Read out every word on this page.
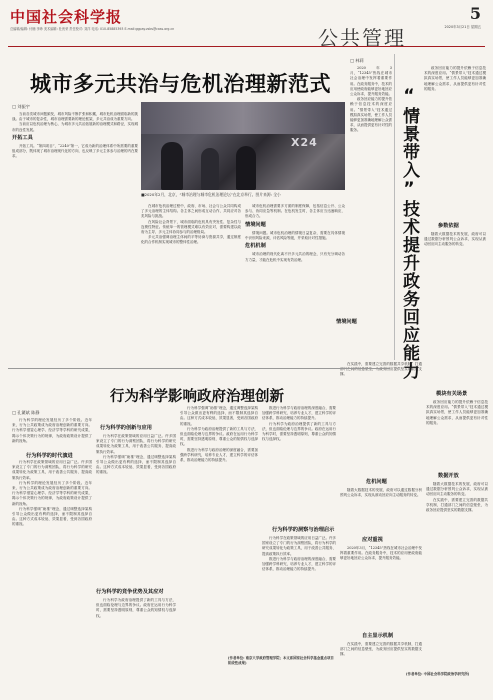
中国社会科学报
总编辑/编辑: 付楠 李珍 美术编辑: 杜贵荣 责任校对: 刘洋 电话: 010-85885393 E-mail:ggpay.zsbs@cass.org.cn	公共管理
5
2020年3月21日 星期五
城市多元共治与危机治理新范式
□ 刘振宇

当前各类城市问题频发，城市风险不断扩张和积累，城市危机治理面临新的挑战。由于城市的复杂性，城市治理需要新的理论框架，多元共治成为重要方向。

当前应以危机治理为核心，为城市多元共治拓展新的治理模式和路径，实现城市的良性发展。

开拓工具

开拓工具。“第四项目”，“2240”第一，它成为新的治理体系中所需要的重要组成部分，既体现了城市治理现代化的方向，也反映了多元主体参与治理的内在要求。

X24
■2020年2月，北京，“城市治理与城市危机治理论坛”在北京举行。图片来源: 全小

在城市危机治理过程中，政府、市场、社会与公众共同构成了多元治理的主体结构。各主体之间形成互动合作，共同应对各类风险与挑战。

在风险社会背景下，城市面临的危机具有突发性、复杂性与连锁性特征。传统单一的管理模式难以有效应对，需要构建以政府为主导、多元主体协同参与的治理格局。

多元共治强调治理主体间的平等协商与资源共享，通过制度化的合作机制实现城市的整体性治理。

城市危机治理需要多方面的制度保障，包括信息公开、公众参与、协同应急等机制。在危机发生时，各主体应当迅速响应，形成合力。

情境问题

情境问题。城市危机治理的情境日益复杂，需要在具体情境中识别风险来源，评估风险等级，并采取针对性措施。

危机机制

城市治理的现代化离不开多元共治的理念，只有充分调动各方力量，才能在危机中实现有效治理。

□ 林莉

2020年3月，“12345”热线在城市社会治理中发挥着重要作用。在政务服务中，技术的应用使政府能够更好地回应公众诉求，提升服务效能。

政务回应能力的提升依赖于信息技术的深度应用。“情景带入”技术通过模拟真实场景，使工作人员能够更加准确地理解公众需求，从而提供更有针对性的服务。	“情景带入”技术提升政务回应能力

政务回应能力的提升依赖于信息技术的深度应用。“情景带入”技术通过模拟真实场景，使工作人员能够更加准确地理解公众需求，从而提供更有针对性的服务。

参数依据

随着大数据技术的发展，政府可以通过数据分析预判公众诉求，实现从被动回应向主动服务的转变。

情境问题
危机问题
应对重视
模块有关场景
数据开放
自主显示机制

在实践中，需要建立完善的数据共享机制，打通部门之间的信息壁垒，为政务回应提供坚实的数据支撑。

随着大数据技术的发展，政府可以通过数据分析预判公众诉求，实现从被动回应向主动服务的转变。

2020年3月，“12345”热线在城市社会治理中发挥着重要作用。在政务服务中，技术的应用使政府能够更好地回应公众诉求，提升服务效能。

在实践中，需要建立完善的数据共享机制，打通部门之间的信息壁垒，为政务回应提供坚实的数据支撑。

政务回应能力的提升依赖于信息技术的深度应用。“情景带入”技术通过模拟真实场景，使工作人员能够更加准确地理解公众需求，从而提供更有针对性的服务。

随着大数据技术的发展，政府可以通过数据分析预判公众诉求，实现从被动回应向主动服务的转变。

在实践中，需要建立完善的数据共享机制，打通部门之间的信息壁垒，为政务回应提供坚实的数据支撑。

(作者单位: 中国社会科学院政治学研究所)
行为科学影响政府治理创新
□ 孔繁斌 陈静
行为科学的时代演进

行为科学的理论发展经历了多个阶段。近年来，行为公共政策成为政府治理创新的重要方向。行为科学借鉴心理学、经济学等学科的研究成果，揭示个体决策行为的规律，为政府政策设计提供了新的视角。

行为科学在政策领域的应用日益广泛。许多国家设立了专门的行为洞察团队，将行为科学的研究成果转化为政策工具，用于改善公共服务、提高政策执行效率。

行为科学的理论发展经历了多个阶段。近年来，行为公共政策成为政府治理创新的重要方向。行为科学借鉴心理学、经济学等学科的研究成果，揭示个体决策行为的规律，为政府政策设计提供了新的视角。

行为科学强调“助推”理念，通过调整选择架构引导公众做出更有利的选择，而不限制其选择自由。这种方式成本较低、效果显著，受到各国政府的重视。

行为科学的创新与应用

行为科学在政策领域的应用日益广泛。许多国家设立了专门的行为洞察团队，将行为科学的研究成果转化为政策工具，用于改善公共服务、提高政策执行效率。

行为科学强调“助推”理念，通过调整选择架构引导公众做出更有利的选择，而不限制其选择自由。这种方式成本较低、效果显著，受到各国政府的重视。

行为科学的竞争优势及其应对

行为科学为政府治理提供了新的工具与方法，但也面临伦理与边界的争议。政府在运用行为科学时，需要坚持透明原则，尊重公众的知情权与选择权。

行为科学强调“助推”理念，通过调整选择架构引导公众做出更有利的选择，而不限制其选择自由。这种方式成本较低、效果显著，受到各国政府的重视。

行为科学为政府治理提供了新的工具与方法，但也面临伦理与边界的争议。政府在运用行为科学时，需要坚持透明原则，尊重公众的知情权与选择权。

推进行为科学与政府治理的深度融合，需要加强跨学科研究，培养专业人才，建立科学的评估体系，推动治理能力的持续提升。

行为科学的洞察与治理启示

推进行为科学与政府治理的深度融合，需要加强跨学科研究，培养专业人才，建立科学的评估体系，推动治理能力的持续提升。

行为科学为政府治理提供了新的工具与方法，但也面临伦理与边界的争议。政府在运用行为科学时，需要坚持透明原则，尊重公众的知情权与选择权。

行为科学在政策领域的应用日益广泛。许多国家设立了专门的行为洞察团队，将行为科学的研究成果转化为政策工具，用于改善公共服务、提高政策执行效率。

推进行为科学与政府治理的深度融合，需要加强跨学科研究，培养专业人才，建立科学的评估体系，推动治理能力的持续提升。

(作者单位: 南京大学政府管理学院；本文系国家社会科学基金重点项目阶段性成果)
